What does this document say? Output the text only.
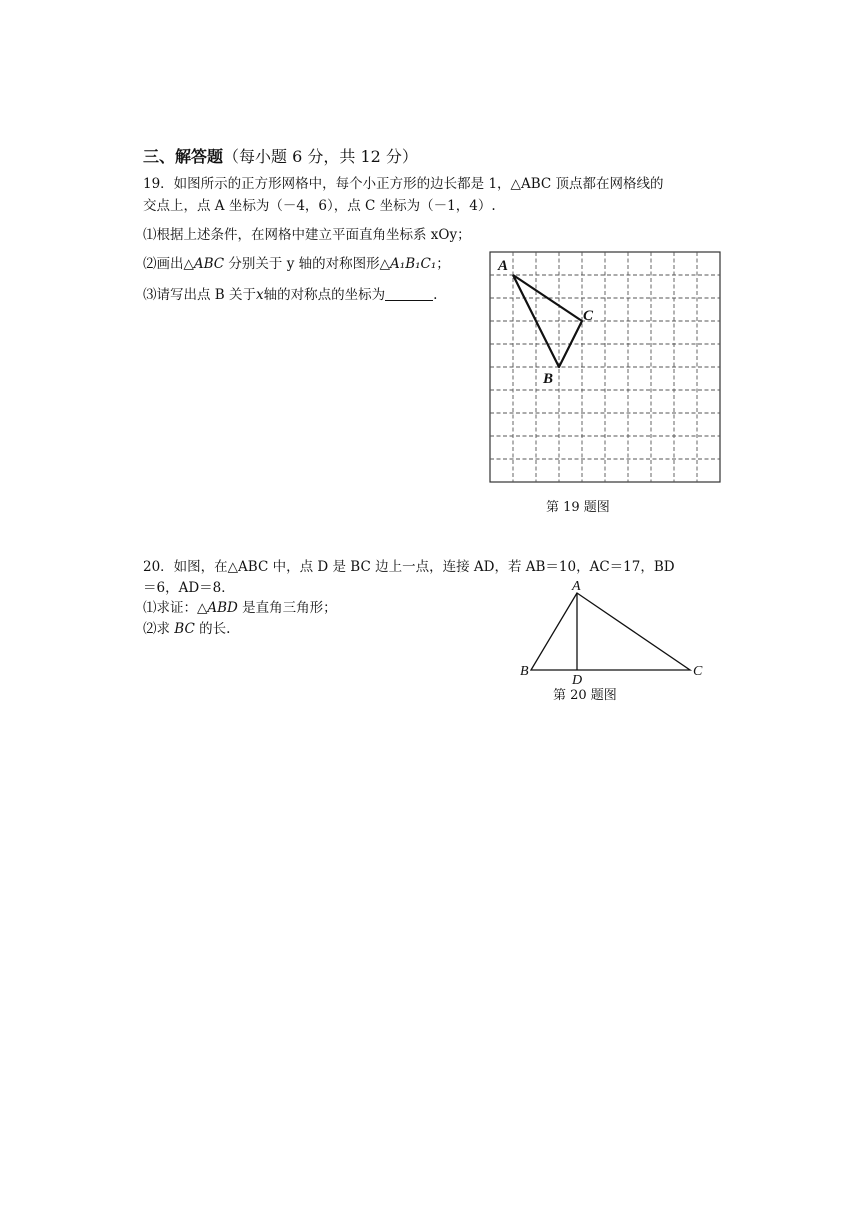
三、解答题（每小题 6 分，共 12 分）
19．如图所示的正方形网格中，每个小正方形的边长都是 1，△ABC 顶点都在网格线的
交点上，点 A 坐标为（－4，6），点 C 坐标为（－1，4）.
⑴根据上述条件，在网格中建立平面直角坐标系 xOy；
⑵画出△ABC 分别关于 y 轴的对称图形△A₁B₁C₁；
⑶请写出点 B 关于x轴的对称点的坐标为	.
A
C
B
第 19 题图
20．如图，在△ABC 中，点 D 是 BC 边上一点，连接 AD，若 AB＝10，AC＝17，BD
＝6，AD＝8．
⑴求证：△ABD 是直角三角形；
⑵求 BC 的长.
A
B	C
D
第 20 题图
